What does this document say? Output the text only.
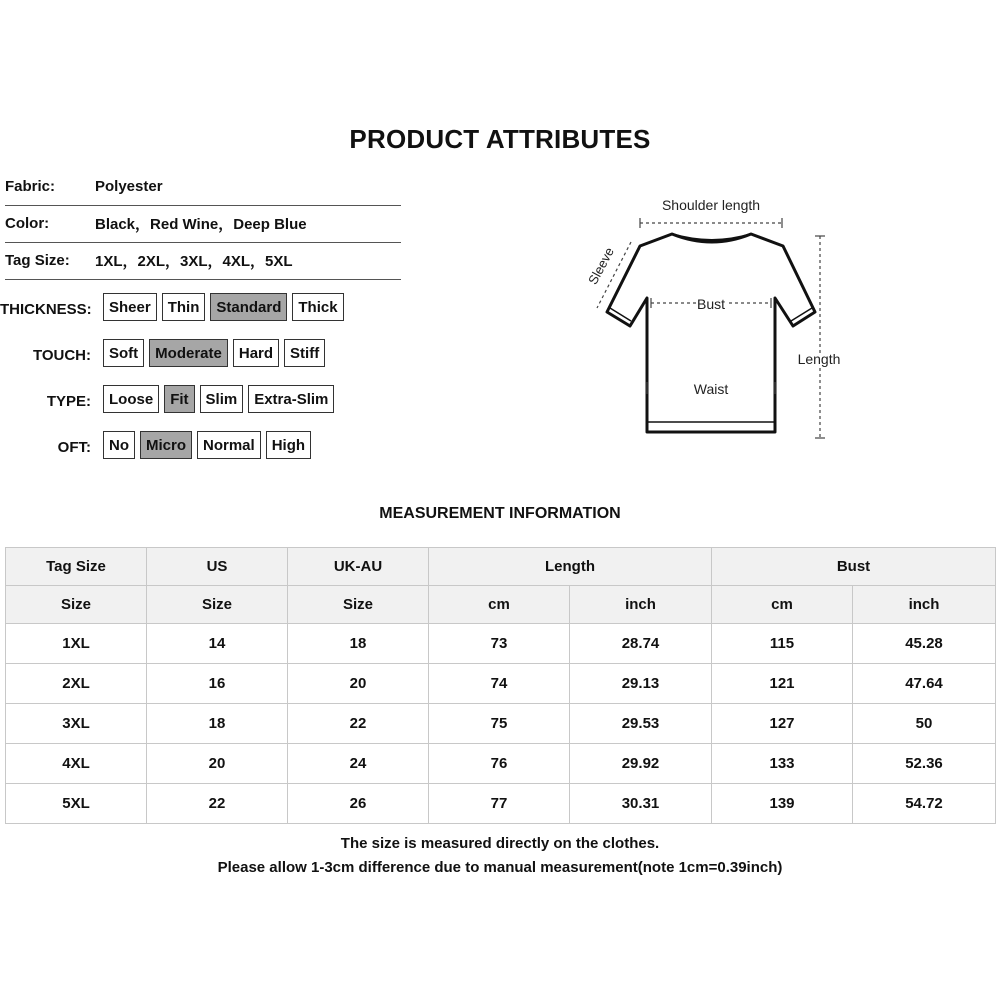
PRODUCT ATTRIBUTES
Fabric:	Polyester
Color:	Black，Red Wine，Deep Blue
Tag Size:	1XL，2XL，3XL，4XL，5XL
THICKNESS:	Sheer	Thin	Standard	Thick
TOUCH:	Soft	Moderate	Hard	Stiff
TYPE:	Loose	Fit	Slim	Extra-Slim
OFT:	No	Micro	Normal	High
Shoulder length
Sleeve
Bust
Length
Waist
MEASUREMENT INFORMATION
Tag Size	US	UK-AU	Length		Bust	
Size	Size	Size	cm	inch	cm	inch
1XL	14	18	73	28.74	115	45.28
2XL	16	20	74	29.13	121	47.64
3XL	18	22	75	29.53	127	50
4XL	20	24	76	29.92	133	52.36
5XL	22	26	77	30.31	139	54.72
The size is measured directly on the clothes.
Please allow 1-3cm difference due to manual measurement(note 1cm=0.39inch)
